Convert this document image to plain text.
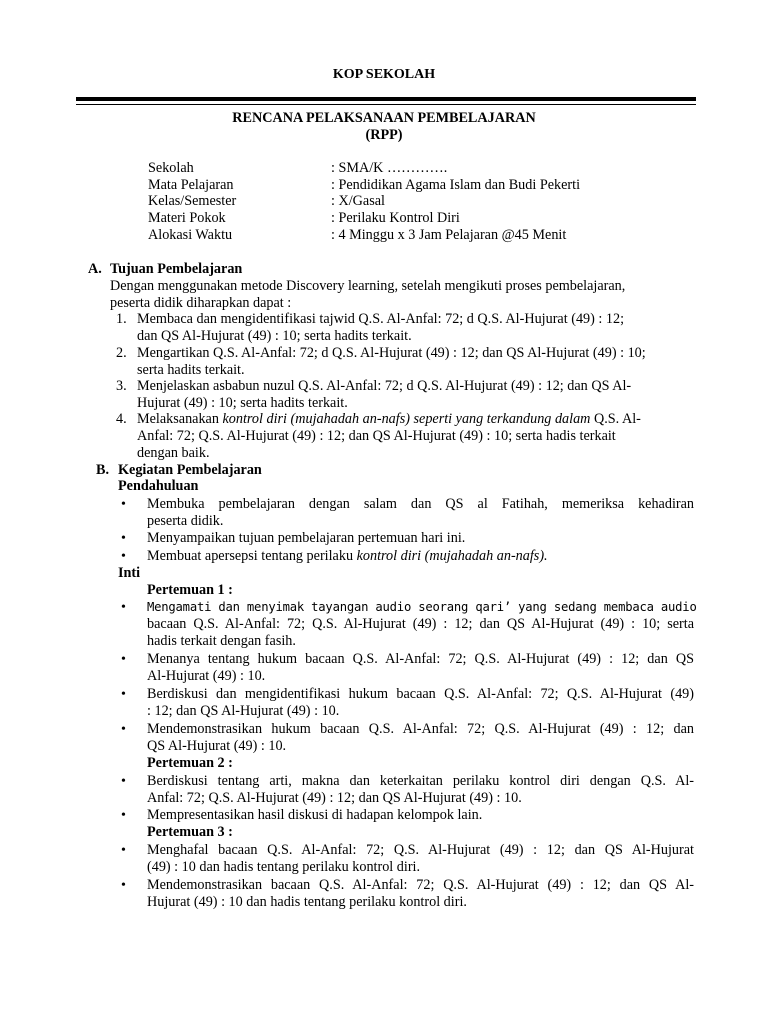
KOP SEKOLAH
RENCANA PELAKSANAAN PEMBELAJARAN
(RPP)
Sekolah	: SMA/K ………….
Mata Pelajaran	: Pendidikan Agama Islam dan Budi Pekerti
Kelas/Semester	: X/Gasal
Materi Pokok	: Perilaku Kontrol Diri
Alokasi Waktu	: 4 Minggu x 3 Jam Pelajaran @45 Menit
A. Tujuan Pembelajaran
Dengan menggunakan metode Discovery learning, setelah mengikuti proses pembelajaran,
peserta didik diharapkan dapat :
1. Membaca dan mengidentifikasi tajwid Q.S. Al-Anfal: 72; d Q.S. Al-Hujurat (49) : 12;
dan QS Al-Hujurat (49) : 10; serta hadits terkait.
2. Mengartikan Q.S. Al-Anfal: 72; d Q.S. Al-Hujurat (49) : 12; dan QS Al-Hujurat (49) : 10;
serta hadits terkait.
3. Menjelaskan asbabun nuzul Q.S. Al-Anfal: 72; d Q.S. Al-Hujurat (49) : 12; dan QS Al-
Hujurat (49) : 10; serta hadits terkait.
4. Melaksanakan kontrol diri (mujahadah an-nafs) seperti yang terkandung dalam Q.S. Al-
Anfal: 72; Q.S. Al-Hujurat (49) : 12; dan QS Al-Hujurat (49) : 10; serta hadis terkait
dengan baik.
B. Kegiatan Pembelajaran
Pendahuluan
• Membuka pembelajaran dengan salam dan QS al Fatihah, memeriksa kehadiran
peserta didik.
• Menyampaikan tujuan pembelajaran pertemuan hari ini.
• Membuat apersepsi tentang perilaku kontrol diri (mujahadah an-nafs).
Inti
Pertemuan 1 :
• Mengamati dan menyimak tayangan audio seorang qari’ yang sedang membaca audio
bacaan Q.S. Al-Anfal: 72; Q.S. Al-Hujurat (49) : 12; dan QS Al-Hujurat (49) : 10; serta
hadis terkait dengan fasih.
• Menanya tentang hukum bacaan Q.S. Al-Anfal: 72; Q.S. Al-Hujurat (49) : 12; dan QS
Al-Hujurat (49) : 10.
• Berdiskusi dan mengidentifikasi hukum bacaan Q.S. Al-Anfal: 72; Q.S. Al-Hujurat (49)
: 12; dan QS Al-Hujurat (49) : 10.
• Mendemonstrasikan hukum bacaan Q.S. Al-Anfal: 72; Q.S. Al-Hujurat (49) : 12; dan
QS Al-Hujurat (49) : 10.
Pertemuan 2 :
• Berdiskusi tentang arti, makna dan keterkaitan perilaku kontrol diri dengan Q.S. Al-
Anfal: 72; Q.S. Al-Hujurat (49) : 12; dan QS Al-Hujurat (49) : 10.
• Mempresentasikan hasil diskusi di hadapan kelompok lain.
Pertemuan 3 :
• Menghafal bacaan Q.S. Al-Anfal: 72; Q.S. Al-Hujurat (49) : 12; dan QS Al-Hujurat
(49) : 10 dan hadis tentang perilaku kontrol diri.
• Mendemonstrasikan bacaan Q.S. Al-Anfal: 72; Q.S. Al-Hujurat (49) : 12; dan QS Al-
Hujurat (49) : 10 dan hadis tentang perilaku kontrol diri.
